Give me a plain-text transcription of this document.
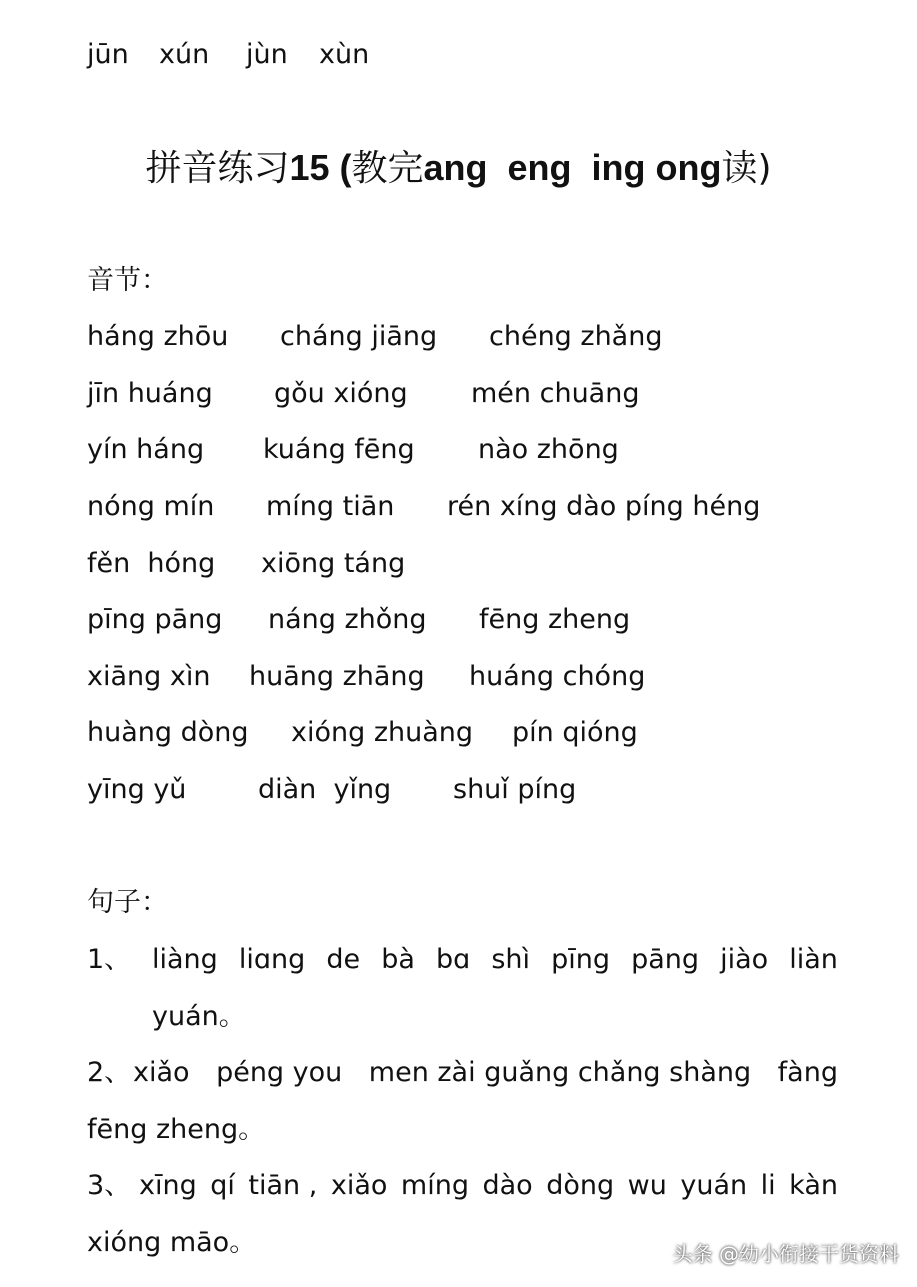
jūn xún jùn xùn
拼音练习15 (教完ang  eng  ing ong读)
音节：
háng zhōu cháng jiāng chéng zhǎng
jīn huáng gǒu xióng mén chuāng
yín háng kuáng fēng nào zhōng
nóng mín míng tiān rén xíng dào píng héng
fěn  hóng xiōng táng
pīng pāng náng zhǒng fēng zheng
xiāng xìn huāng zhāng huáng chóng
huàng dòng xióng zhuàng pín qióng
yīng yǔ	diàn  yǐng shuǐ píng
句子：
1、 liàng liɑng de bà bɑ shì pīng pāng jiào liàn
yuán。
2、 xiǎo péng you men zài guǎng chǎng shàng fàng
fēng zheng。
3、 xīng qí tiān , xiǎo míng dào dòng wu yuán li kàn
xióng māo。	头条 @幼小衔接干货资料
